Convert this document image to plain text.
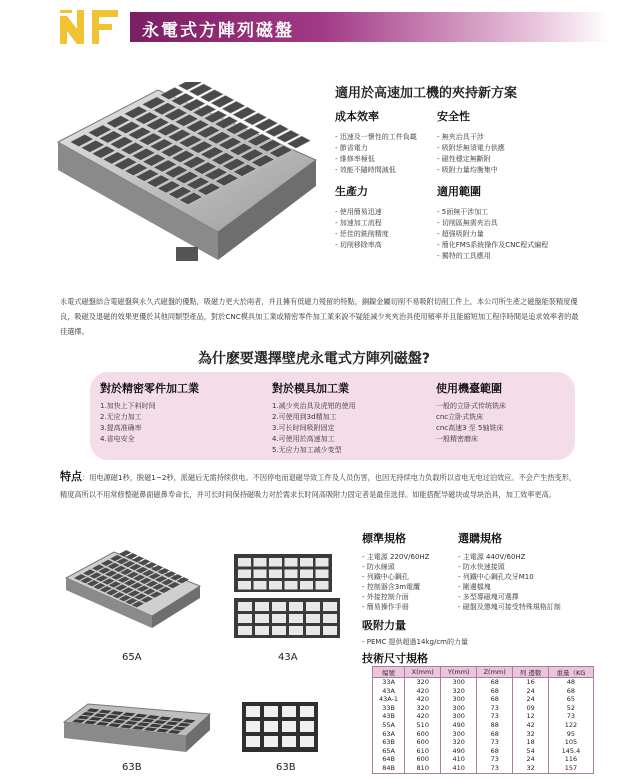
永電式方陣列磁盤
適用於高速加工機的夾持新方案
成本效率
- 迅速及一懷性的工件負載
- 節省電力
- 維修率極低
- 效能不隨時間減低
安全性
- 無夾治具干涉
- 吸附恁無須電力供應
- 磁性穩定無斷附
- 吸附力量均衡集中
生產力
- 使用簡易迅速
- 加速加工流程
- 恁佳的銑削精度
- 切削移除率高
適用範圍
- 5面無干涉加工
- 切削區無需夾治具
- 超强吸附力量
- 簡化FMS系統操作及CNC程式編程
- 獨特的工具應用
永電式磁盤結合電磁盤與永久式磁盤的優點，吸磁力更大於兩者，并且擁有低磁力殘留的特點，銅鎳金屬切削不易吸附切削工件上，本公司所生產之磁盤能裝精度優良，吸磁及退磁的效果更優於其他同類型產品，對於CNC模具加工業或精密零件加工業來說不疑能减少夾夾治具使用頻率并且能縮短加工程序時間是追求效率者的最佳選擇。
為什麽要選擇壁虎永電式方陣列磁盤?
對於精密零件加工業
1.加快上下料时间
2.无应力加工
3.提高准确率
4.省电安全
對於模具加工業
1.减少夹治具及虎钳的使用
2.可使用到3d精加工
3.可长时间吸附固定
4.可使用於高速加工
5.无应力加工减少变型
使用機臺範圍
一般的立卧式传统铣床
cnc立卧式铣床
cnc高速3 至 5轴铣床
一般精密磨床
特点：用电源磁1秒，脱磁1~2秒，派磁后无需持续供电。不因停电而退磁导致工件及人员伤害，也因无持续电力负载所以省电无电过泊效应。不会产生热变形，精度高所以不用常修整磁鼻面磁鼻寿命长，并可长时间保持磁吸力对於需求长时间高吸附力固定者是最佳选择。如能搭配导磁块或导块治具，加工效率更高。
65A	43A
63B	63B
標準規格
- 主電源 220V/60HZ
- 防水線頭
- 列鐵中心鋼孔
- 控制器含3m電纜
- 外接控制介面
- 簡易操作手冊
選購規格
- 主電源 440V/60HZ
- 防水快速接頭
- 列鐵中心鋼孔攻牙M10
- 剛邊檔塊
- 多型導磁塊可選擇
- 磁盤及懲塊可接受特殊規格訂制
吸附力量
- PEMC 提供超過14kg/cm的力量
技術尺寸規格
编號	X(mm)	Y(mm)	Z(mm)	列 邊數	重量（KG
33A	320	300	68	16	48
43A	420	320	68	24	68
43A-1	420	300	68	24	65
33B	320	300	73	09	52
43B	420	300	73	12	73
55A	510	490	88	42	122
63A	600	300	68	32	95
63B	600	320	73	18	105
65A	610	490	68	54	145.4
64B	600	410	73	24	116
84B	810	410	73	32	157
